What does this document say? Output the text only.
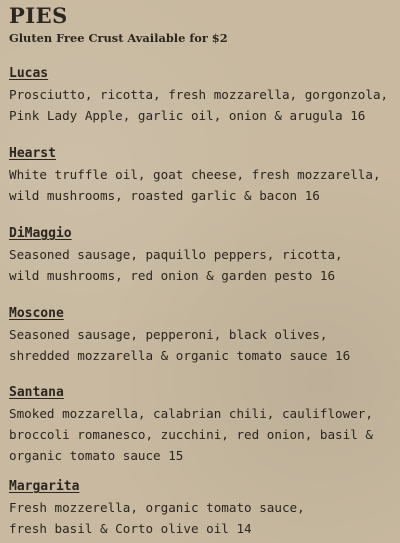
PIES

Gluten Free Crust Available for $2

Lucas
Prosciutto, ricotta, fresh mozzarella, gorgonzola,
Pink Lady Apple, garlic oil, onion & arugula 16
Hearst
White truffle oil, goat cheese, fresh mozzarella,
wild mushrooms, roasted garlic & bacon 16
DiMaggio
Seasoned sausage, paquillo peppers, ricotta,
wild mushrooms, red onion & garden pesto 16
Moscone
Seasoned sausage, pepperoni, black olives,
shredded mozzarella & organic tomato sauce 16
Santana
Smoked mozzarella, calabrian chili, cauliflower,
broccoli romanesco, zucchini, red onion, basil &
organic tomato sauce 15
Margarita
Fresh mozzerella, organic tomato sauce,
fresh basil & Corto olive oil 14
